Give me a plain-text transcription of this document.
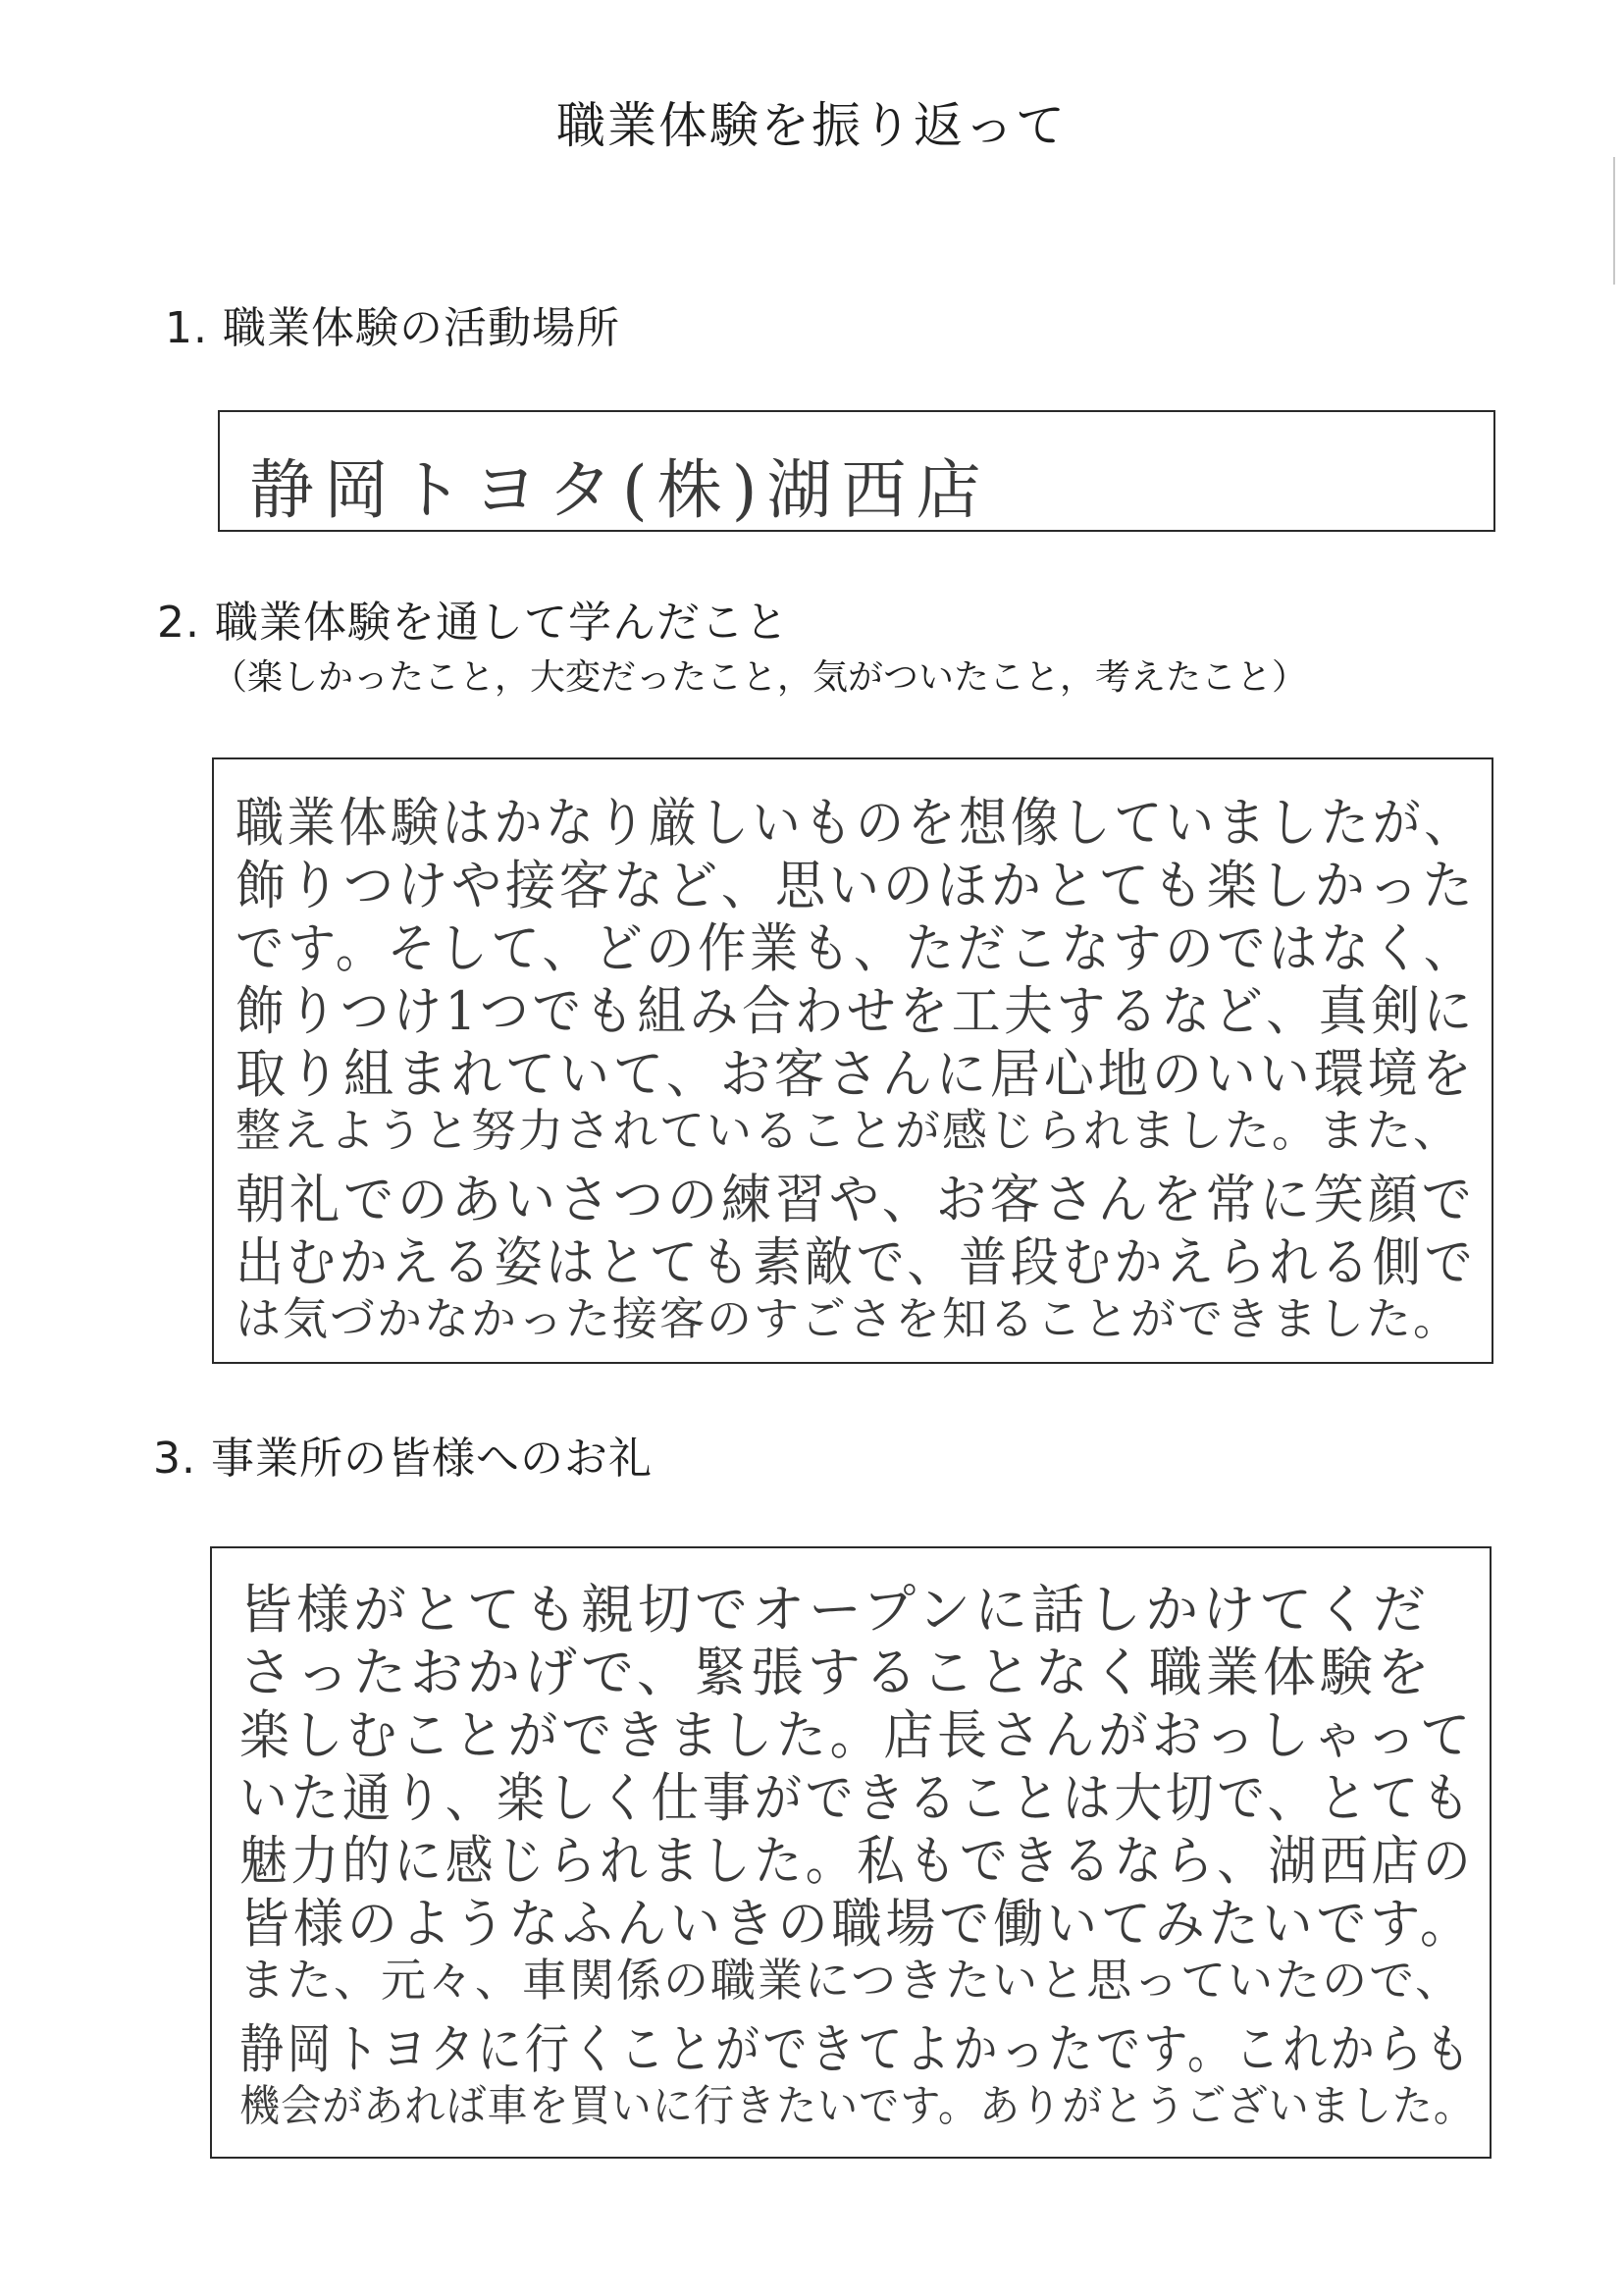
職業体験を振り返って
1. 職業体験の活動場所
静岡トヨタ(株)湖西店
2. 職業体験を通して学んだこと
（楽しかったこと，大変だったこと，気がついたこと，考えたこと）
職業体験はかなり厳しいものを想像していましたが、
飾りつけや接客など、思いのほかとても楽しかった
です。そして、どの作業も、ただこなすのではなく、
飾りつけ1つでも組み合わせを工夫するなど、真剣に
取り組まれていて、お客さんに居心地のいい環境を
整えようと努力されていることが感じられました。また、
朝礼でのあいさつの練習や、お客さんを常に笑顔で
出むかえる姿はとても素敵で、普段むかえられる側で
は気づかなかった接客のすごさを知ることができました。
3. 事業所の皆様へのお礼
皆様がとても親切でオープンに話しかけてくだ
さったおかげで、緊張することなく職業体験を
楽しむことができました。店長さんがおっしゃって
いた通り、楽しく仕事ができることは大切で、とても
魅力的に感じられました。私もできるなら、湖西店の
皆様のようなふんいきの職場で働いてみたいです。
また、元々、車関係の職業につきたいと思っていたので、
静岡トヨタに行くことができてよかったです。これからも
機会があれば車を買いに行きたいです。ありがとうございました。
